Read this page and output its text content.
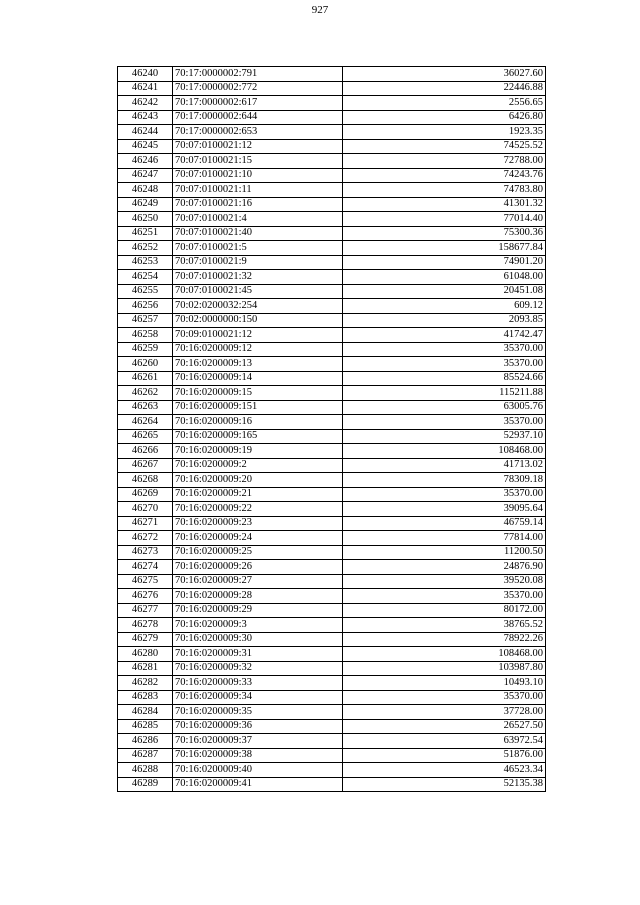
927
46240	70:17:0000002:791	36027.60
46241	70:17:0000002:772	22446.88
46242	70:17:0000002:617	2556.65
46243	70:17:0000002:644	6426.80
46244	70:17:0000002:653	1923.35
46245	70:07:0100021:12	74525.52
46246	70:07:0100021:15	72788.00
46247	70:07:0100021:10	74243.76
46248	70:07:0100021:11	74783.80
46249	70:07:0100021:16	41301.32
46250	70:07:0100021:4	77014.40
46251	70:07:0100021:40	75300.36
46252	70:07:0100021:5	158677.84
46253	70:07:0100021:9	74901.20
46254	70:07:0100021:32	61048.00
46255	70:07:0100021:45	20451.08
46256	70:02:0200032:254	609.12
46257	70:02:0000000:150	2093.85
46258	70:09:0100021:12	41742.47
46259	70:16:0200009:12	35370.00
46260	70:16:0200009:13	35370.00
46261	70:16:0200009:14	85524.66
46262	70:16:0200009:15	115211.88
46263	70:16:0200009:151	63005.76
46264	70:16:0200009:16	35370.00
46265	70:16:0200009:165	52937.10
46266	70:16:0200009:19	108468.00
46267	70:16:0200009:2	41713.02
46268	70:16:0200009:20	78309.18
46269	70:16:0200009:21	35370.00
46270	70:16:0200009:22	39095.64
46271	70:16:0200009:23	46759.14
46272	70:16:0200009:24	77814.00
46273	70:16:0200009:25	11200.50
46274	70:16:0200009:26	24876.90
46275	70:16:0200009:27	39520.08
46276	70:16:0200009:28	35370.00
46277	70:16:0200009:29	80172.00
46278	70:16:0200009:3	38765.52
46279	70:16:0200009:30	78922.26
46280	70:16:0200009:31	108468.00
46281	70:16:0200009:32	103987.80
46282	70:16:0200009:33	10493.10
46283	70:16:0200009:34	35370.00
46284	70:16:0200009:35	37728.00
46285	70:16:0200009:36	26527.50
46286	70:16:0200009:37	63972.54
46287	70:16:0200009:38	51876.00
46288	70:16:0200009:40	46523.34
46289	70:16:0200009:41	52135.38
